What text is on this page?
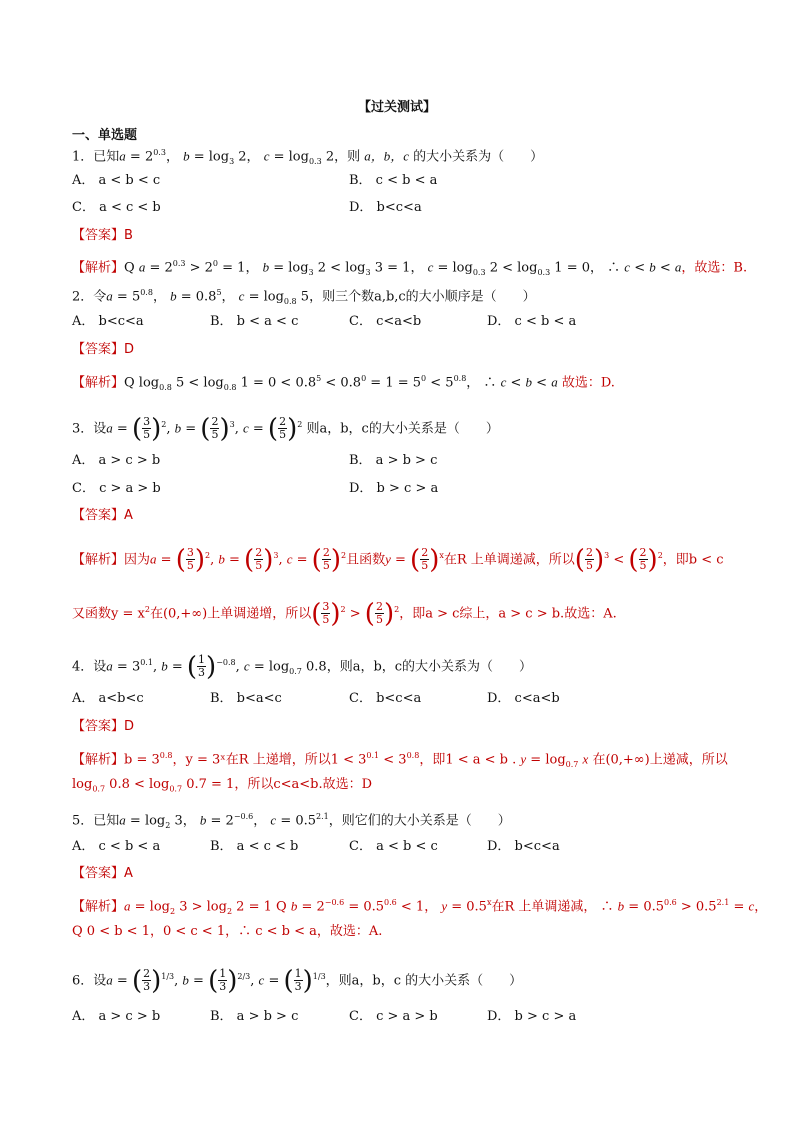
【过关测试】
一、单选题
1．已知$a = 2^{0.3}$， $b = \log_3 2$， $c = \log_{0.3} 2$，则 a，b，c 的大小关系为（　　）
A． a < b < c	B． c < b < a
C． a < c < b	D． b<c<a
【答案】B
【解析】Q $a = 2^{0.3} > 2^0 = 1$， $b = \log_3 2 < \log_3 3 = 1$， $c = \log_{0.3} 2 < \log_{0.3} 1 = 0$， ∴ c < b < a，故选：B.
2．令$a = 5^{0.8}$， $b = 0.8^5$， $c = \log_{0.8} 5$，则三个数a,b,c的大小顺序是（　　）
A． b<c<a	B． b < a < c	C． c<a<b	D． c < b < a
【答案】D
【解析】Q $\log_{0.8} 5 < \log_{0.8} 1 = 0 < 0.8^5 < 0.8^0 = 1 = 5^0 < 5^{0.8}$， ∴ c < b < a 故选：D.
3．设a = ( $\frac{3}{5} )^2$, b = ( $\frac{2}{5} )^3$, c = ( $\frac{2}{5} )^2$ 则a，b，c的大小关系是（　　）
A． a > c > b	B． a > b > c
C． c > a > b	D． b > c > a
【答案】A
【解析】因为a = ( $\frac{3}{5} )^2$, b = ( $\frac{2}{5} )^3$, c = ( $\frac{2}{5} )^2$且函数y = ( $\frac{2}{5} )^x$在R 上单调递减，所以( $\frac{2}{5} )^3$ < ( $\frac{2}{5} )^2$，即b < c
又函数$y = x^2$在(0,+∞)上单调递增，所以( $\frac{3}{5} )^2$ > ( $\frac{2}{5} )^2$，即a > c综上，a > c > b.故选：A.
4．设$a = 3^{0.1}$, b = ( $\frac{1}{3} )^{-0.8}$, $c = \log_{0.7} 0.8$，则a，b，c的大小关系为（　　）
A． a<b<c	B． b<a<c	C． b<c<a	D． c<a<b
【答案】D
【解析】$b = 3^{0.8}$，y = 3ˣ在R 上递增，所以$1 < 3^{0.1} < 3^{0.8}$，即1 < a < b . $y = \log_{0.7} x$ 在(0,+∞)上递减，所以
$\log_{0.7} 0.8 < \log_{0.7} 0.7 = 1$，所以c<a<b.故选：D
5．已知$a = \log_2 3$， $b = 2^{-0.6}$， $c = 0.5^{2.1}$，则它们的大小关系是（　　）
A． c < b < a	B． a < c < b	C． a < b < c	D． b<c<a
【答案】A
【解析】$a = \log_2 3 > \log_2 2 = 1$ Q $b = 2^{-0.6} = 0.5^{0.6} < 1$， $y = 0.5^x$在R 上单调递减， ∴ $b = 0.5^{0.6} > 0.5^{2.1} = c$，
Q 0 < b < 1，0 < c < 1，∴ c < b < a，故选：A.
6．设a = ( $\frac{2}{3} )^{1/3}$, b = ( $\frac{1}{3} )^{2/3}$, c = ( $\frac{1}{3} )^{1/3}$，则a，b，c 的大小关系（　　）
A． a > c > b	B． a > b > c	C． c > a > b	D． b > c > a
